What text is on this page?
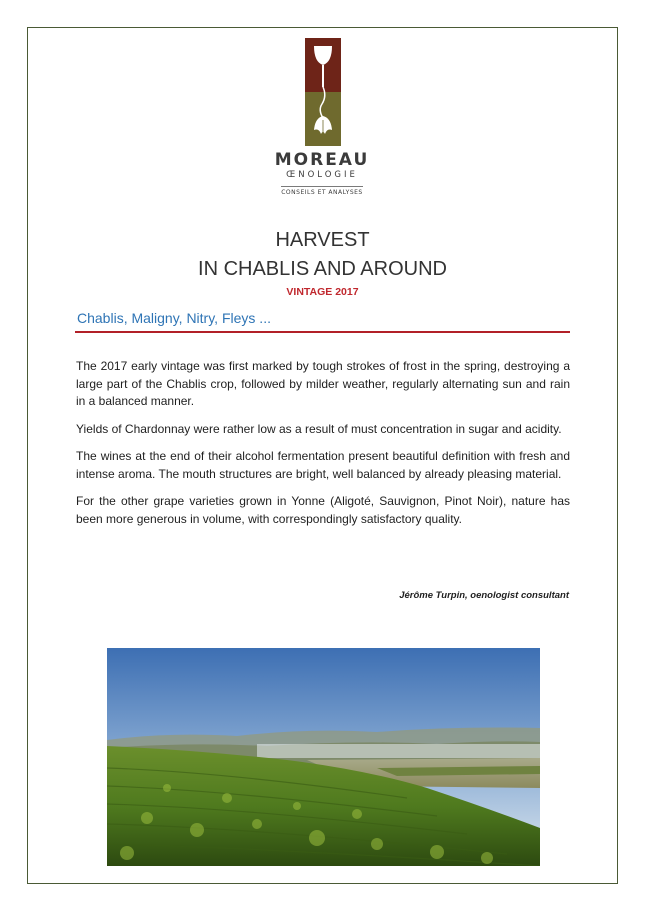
MOREAU
ŒNOLOGIE
CONSEILS ET ANALYSES
HARVEST
IN CHABLIS AND AROUND
VINTAGE 2017
Chablis, Maligny, Nitry, Fleys ...

The 2017 early vintage was first marked by tough strokes of frost in the spring, destroying a large part of the Chablis crop, followed by milder weather, regularly alternating sun and rain in a balanced manner.

Yields of Chardonnay were rather low as a result of must concentration in sugar and acidity.

The wines at the end of their alcohol fermentation present beautiful definition with fresh and intense aroma. The mouth structures are bright, well balanced by already pleasing material.

For the other grape varieties grown in Yonne (Aligoté, Sauvignon, Pinot Noir), nature has been more generous in volume, with correspondingly satisfactory quality.

Jérôme Turpin, oenologist consultant
